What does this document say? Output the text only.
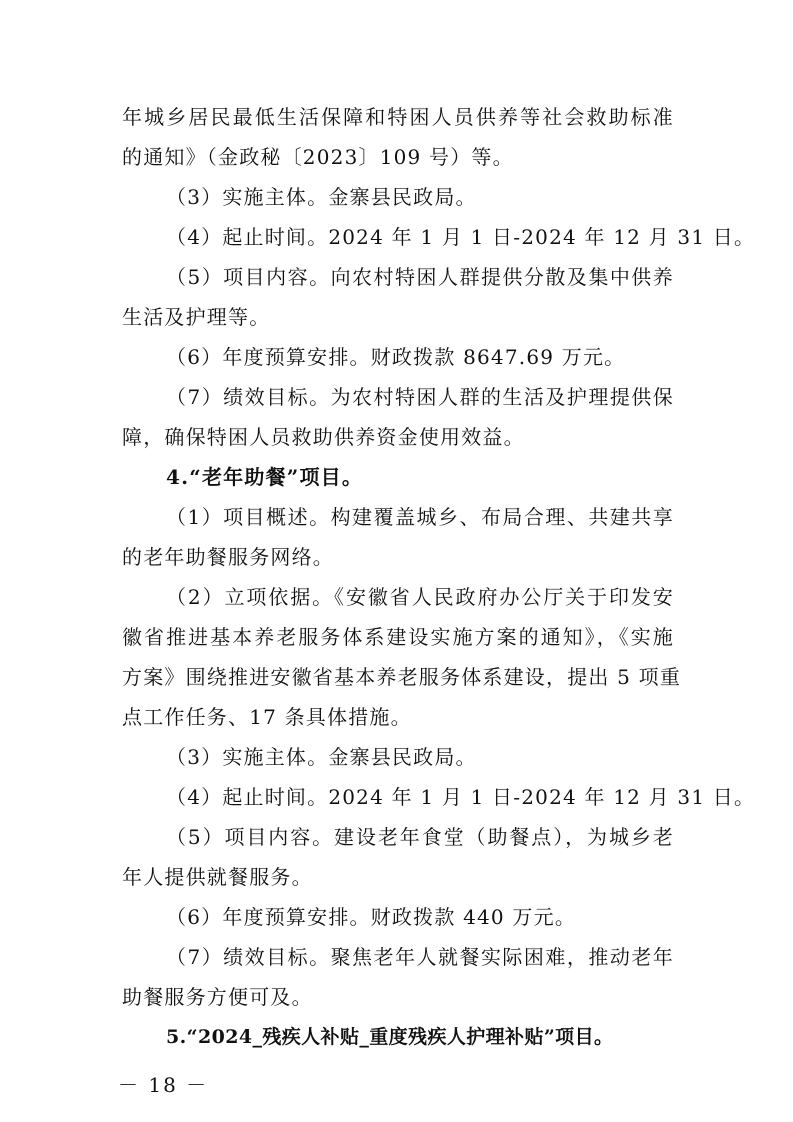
年城乡居民最低生活保障和特困人员供养等社会救助标准
的通知》（金政秘〔2023〕109 号）等。
（3）实施主体。金寨县民政局。
（4）起止时间。2024 年 1 月 1 日-2024 年 12 月 31 日。
（5）项目内容。向农村特困人群提供分散及集中供养
生活及护理等。
（6）年度预算安排。财政拨款 8647.69 万元。
（7）绩效目标。为农村特困人群的生活及护理提供保
障，确保特困人员救助供养资金使用效益。
4.“老年助餐”项目。
（1）项目概述。构建覆盖城乡、布局合理、共建共享
的老年助餐服务网络。
（2）立项依据。《安徽省人民政府办公厅关于印发安
徽省推进基本养老服务体系建设实施方案的通知》，《实施
方案》围绕推进安徽省基本养老服务体系建设，提出 5 项重
点工作任务、17 条具体措施。
（3）实施主体。金寨县民政局。
（4）起止时间。2024 年 1 月 1 日-2024 年 12 月 31 日。
（5）项目内容。建设老年食堂（助餐点），为城乡老
年人提供就餐服务。
（6）年度预算安排。财政拨款 440 万元。
（7）绩效目标。聚焦老年人就餐实际困难，推动老年
助餐服务方便可及。
5.“2024_残疾人补贴_重度残疾人护理补贴”项目。
－ 18 －
